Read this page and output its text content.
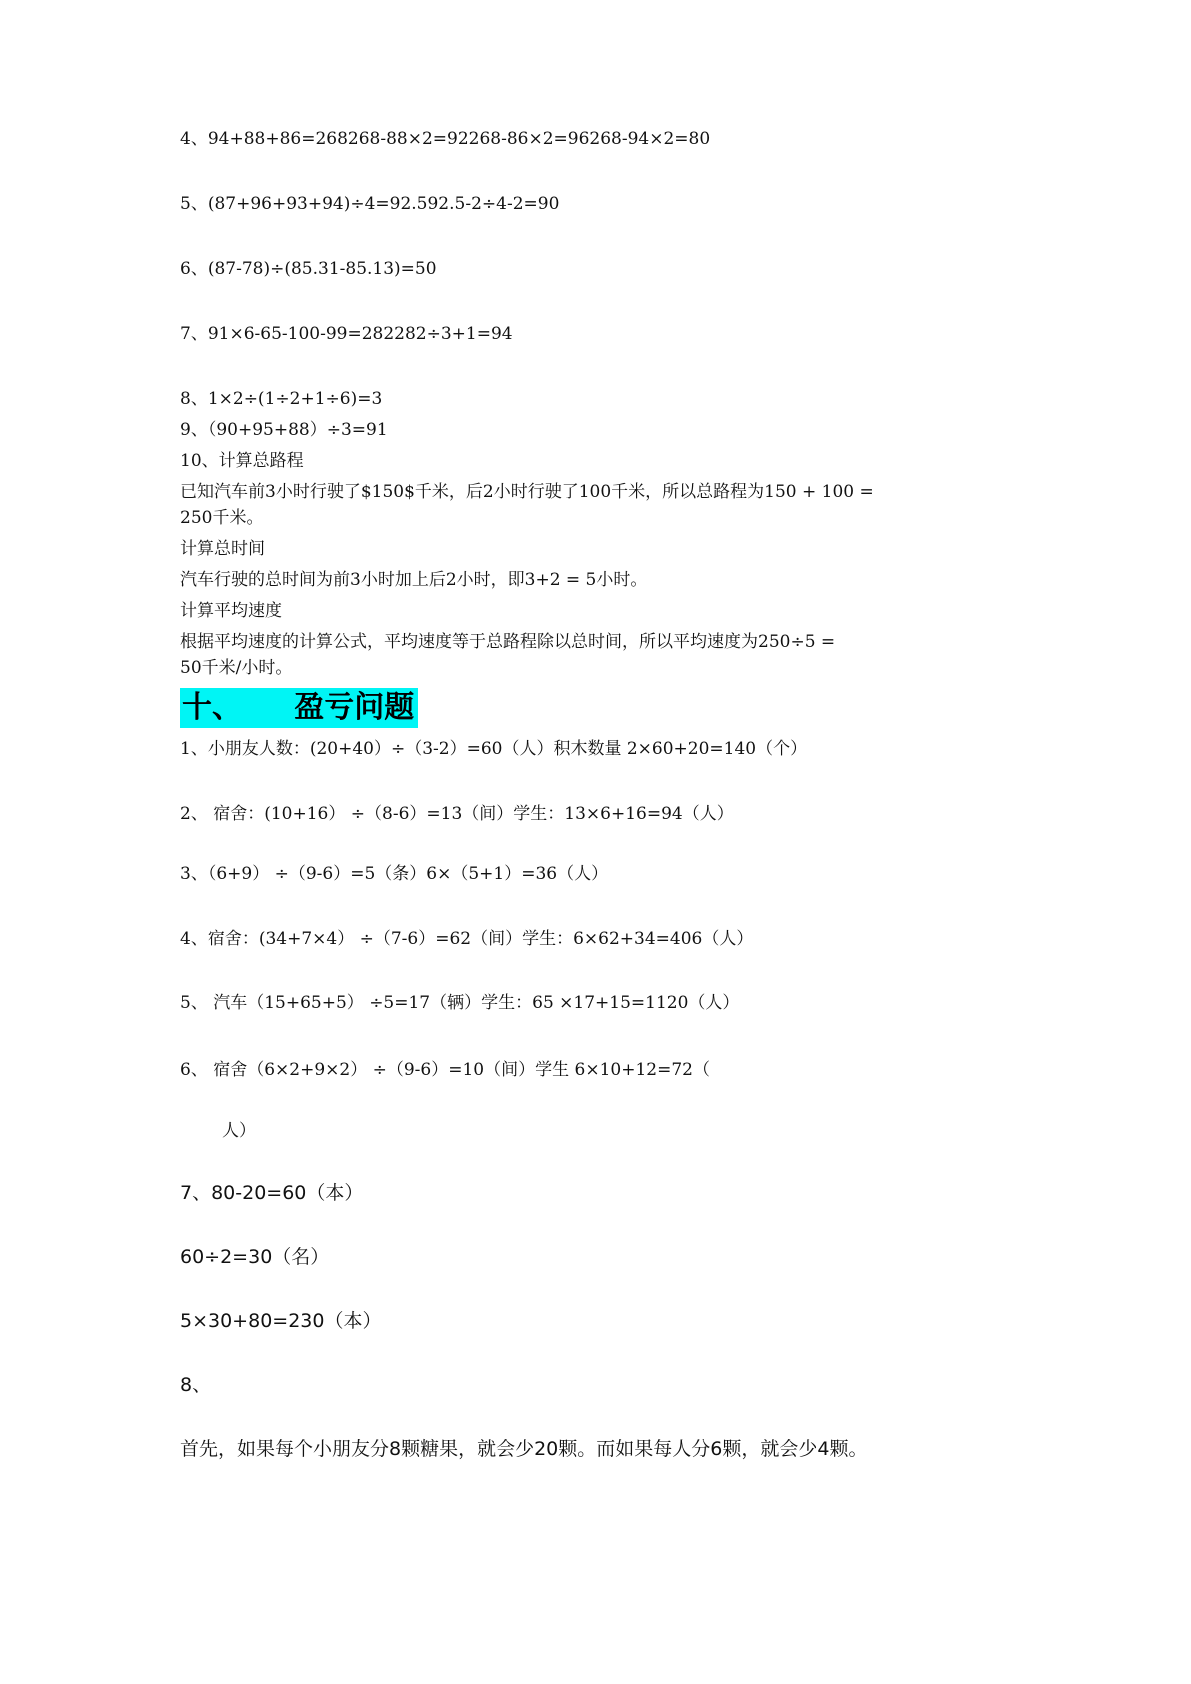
4、94+88+86=268268-88×2=92268-86×2=96268-94×2=80
5、(87+96+93+94)÷4=92.592.5-2÷4-2=90
6、(87-78)÷(85.31-85.13)=50
7、91×6-65-100-99=282282÷3+1=94
8、1×2÷(1÷2+1÷6)=3
9、（90+95+88）÷3=91
10、计算总路程
已知汽车前3小时行驶了$150$千米，后2小时行驶了100千米，所以总路程为150 + 100 =
250千米。
计算总时间
汽车行驶的总时间为前3小时加上后2小时，即3+2 = 5小时。
计算平均速度
根据平均速度的计算公式，平均速度等于总路程除以总时间，所以平均速度为250÷5 =
50千米/小时。
十、     盈亏问题
1、小朋友人数：(20+40）÷（3-2）=60（人）积木数量 2×60+20=140（个）
2、 宿舍：(10+16） ÷（8-6）=13（间）学生：13×6+16=94（人）
3、（6+9） ÷（9-6）=5（条）6×（5+1）=36（人）
4、宿舍：(34+7×4） ÷（7-6）=62（间）学生：6×62+34=406（人）
5、 汽车（15+65+5） ÷5=17（辆）学生：65 ×17+15=1120（人）
6、 宿舍（6×2+9×2） ÷（9-6）=10（间）学生 6×10+12=72（
人）
7、80-20=60（本）
60÷2=30（名）
5×30+80=230（本）
8、
首先，如果每个小朋友分8颗糖果，就会少20颗。而如果每人分6颗，就会少4颗。
